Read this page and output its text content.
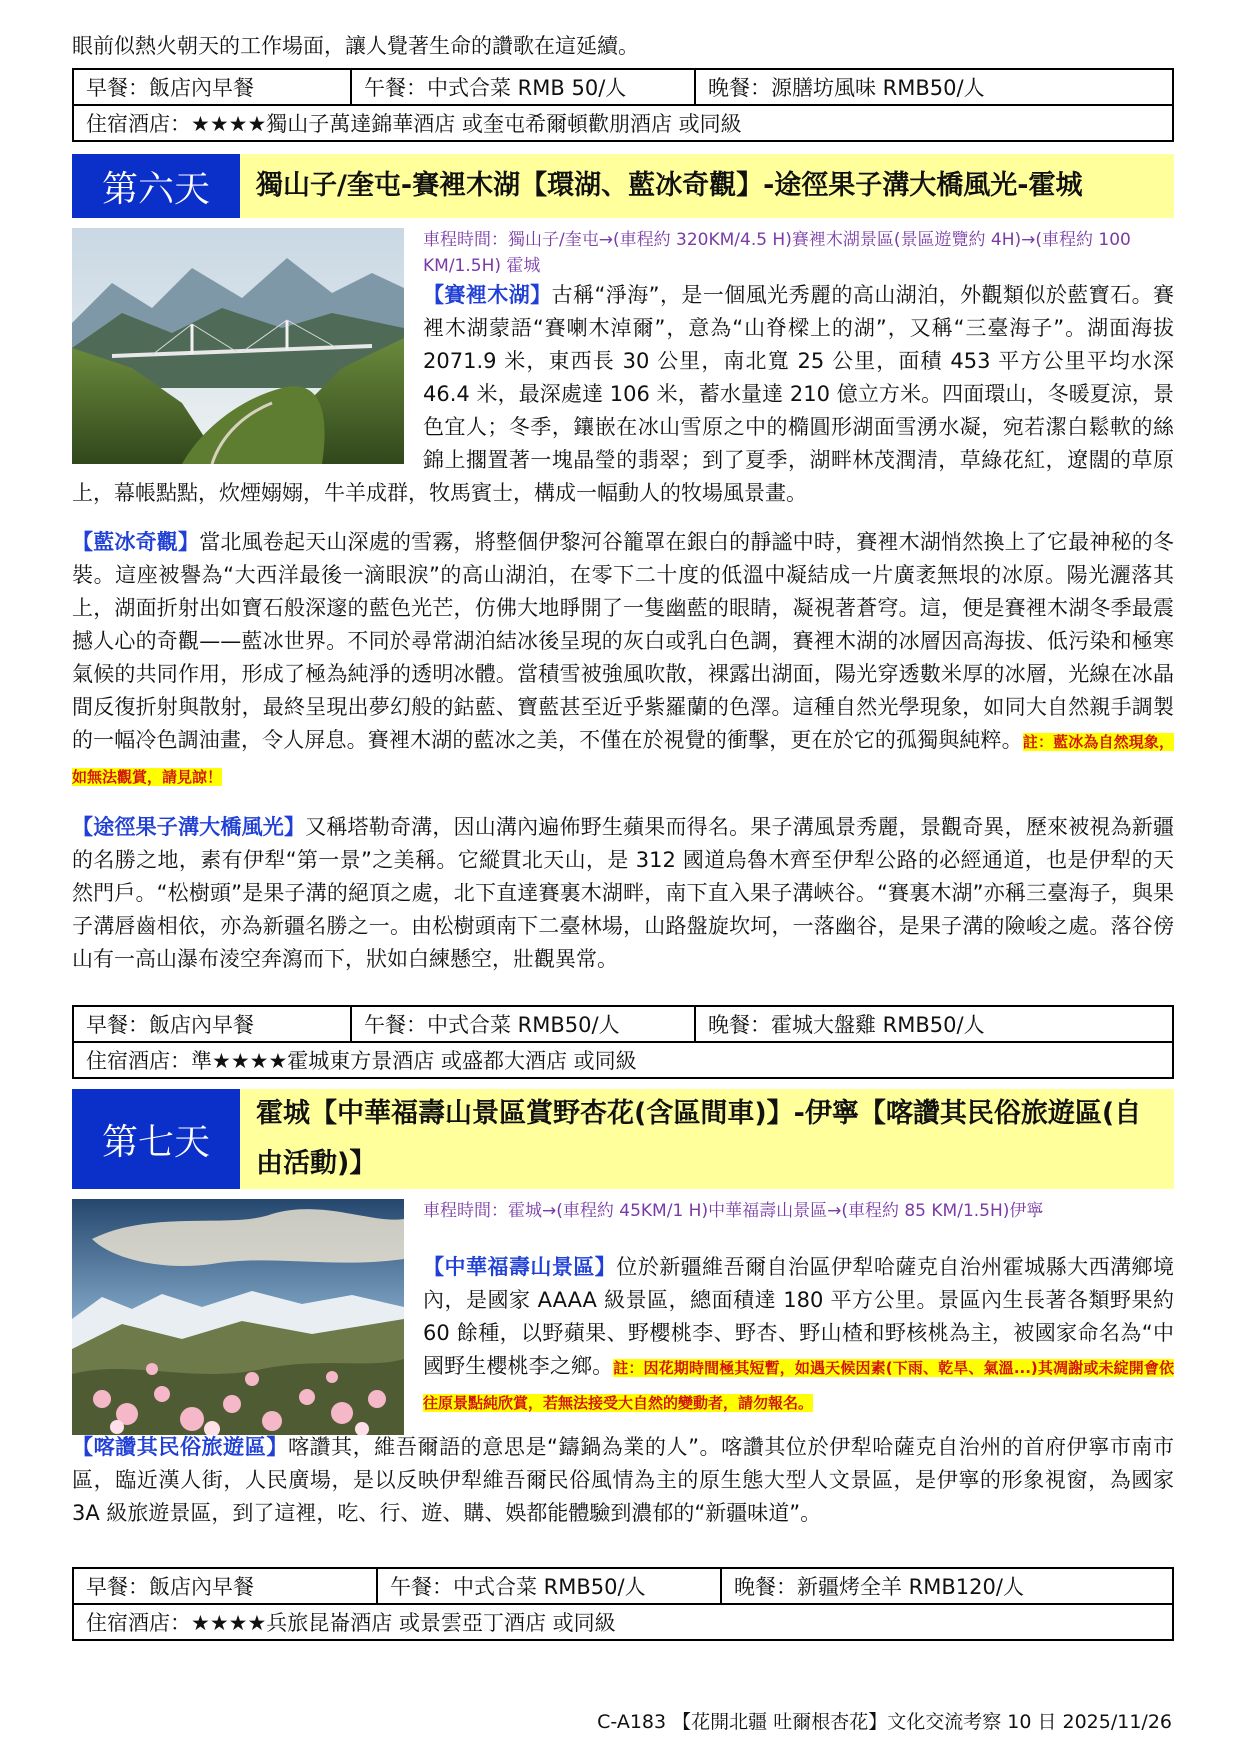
眼前似熱火朝天的工作場面，讓人覺著生命的讚歌在這延續。
早餐：飯店內早餐	午餐：中式合菜 RMB 50/人	晚餐：源膳坊風味 RMB50/人
住宿酒店：★★★★獨山子萬達錦華酒店 或奎屯希爾頓歡朋酒店 或同級
第六天	獨山子/奎屯-賽裡木湖【環湖、藍冰奇觀】-途徑果子溝大橋風光-霍城
車程時間：獨山子/奎屯→(車程約 320KM/4.5 H)賽裡木湖景區(景區遊覽約 4H)→(車程約 100 KM/1.5H) 霍城
【賽裡木湖】古稱“淨海”，是一個風光秀麗的高山湖泊，外觀類似於藍寶石。賽裡木湖蒙語“賽喇木淖爾”，意為“山脊樑上的湖”，又稱“三臺海子”。湖面海拔 2071.9 米，東西長 30 公里，南北寬 25 公里，面積 453 平方公里平均水深 46.4 米，最深處達 106 米，蓄水量達 210 億立方米。四面環山，冬暖夏涼，景色宜人；冬季，鑲嵌在冰山雪原之中的橢圓形湖面雪湧水凝，宛若潔白鬆軟的絲錦上擱置著一塊晶瑩的翡翠；到了夏季，湖畔林茂潤清，草綠花紅，遼闊的草原上，幕帳點點，炊煙嫋嫋，牛羊成群，牧馬賓士，構成一幅動人的牧場風景畫。
【藍冰奇觀】當北風卷起天山深處的雪霧，將整個伊黎河谷籠罩在銀白的靜謐中時，賽裡木湖悄然換上了它最神秘的冬裝。這座被譽為“大西洋最後一滴眼淚”的高山湖泊，在零下二十度的低溫中凝結成一片廣袤無垠的冰原。陽光灑落其上，湖面折射出如寶石般深邃的藍色光芒，仿佛大地睜開了一隻幽藍的眼睛，凝視著蒼穹。這，便是賽裡木湖冬季最震撼人心的奇觀——藍冰世界。不同於尋常湖泊結冰後呈現的灰白或乳白色調，賽裡木湖的冰層因高海拔、低污染和極寒氣候的共同作用，形成了極為純淨的透明冰體。當積雪被強風吹散，裸露出湖面，陽光穿透數米厚的冰層，光線在冰晶間反復折射與散射，最終呈現出夢幻般的鈷藍、寶藍甚至近乎紫羅蘭的色澤。這種自然光學現象，如同大自然親手調製的一幅冷色調油畫，令人屏息。賽裡木湖的藍冰之美，不僅在於視覺的衝擊，更在於它的孤獨與純粹。註：藍冰為自然現象，如無法觀賞，請見諒！
【途徑果子溝大橋風光】又稱塔勒奇溝，因山溝內遍佈野生蘋果而得名。果子溝風景秀麗，景觀奇異，歷來被視為新疆的名勝之地，素有伊犁“第一景”之美稱。它縱貫北天山，是 312 國道烏魯木齊至伊犁公路的必經通道，也是伊犁的天然門戶。“松樹頭”是果子溝的絕頂之處，北下直達賽裏木湖畔，南下直入果子溝峽谷。“賽裏木湖”亦稱三臺海子，與果子溝唇齒相依，亦為新疆名勝之一。由松樹頭南下二臺林場，山路盤旋坎坷，一落幽谷，是果子溝的險峻之處。落谷傍山有一高山瀑布淩空奔瀉而下，狀如白練懸空，壯觀異常。
早餐：飯店內早餐	午餐：中式合菜 RMB50/人	晚餐：霍城大盤雞 RMB50/人
住宿酒店：準★★★★霍城東方景酒店 或盛都大酒店 或同級
第七天
霍城【中華福壽山景區賞野杏花(含區間車)】-伊寧【喀讚其民俗旅遊區(自由活動)】
車程時間：霍城→(車程約 45KM/1 H)中華福壽山景區→(車程約 85 KM/1.5H)伊寧
【中華福壽山景區】位於新疆維吾爾自治區伊犁哈薩克自治州霍城縣大西溝鄉境內，是國家 AAAA 級景區，總面積達 180 平方公里。景區內生長著各類野果約 60 餘種，以野蘋果、野櫻桃李、野杏、野山楂和野核桃為主，被國家命名為“中國野生櫻桃李之鄉。註：因花期時間極其短暫，如遇天候因素(下雨、乾旱、氣溫...)其凋謝或未綻開會依往原景點純欣賞，若無法接受大自然的變動者，請勿報名。
【喀讚其民俗旅遊區】喀讚其，維吾爾語的意思是“鑄鍋為業的人”。喀讚其位於伊犁哈薩克自治州的首府伊寧市南市區，臨近漢人街，人民廣場，是以反映伊犁維吾爾民俗風情為主的原生態大型人文景區，是伊寧的形象視窗，為國家 3A 級旅遊景區，到了這裡，吃、行、遊、購、娛都能體驗到濃郁的“新疆味道”。
早餐：飯店內早餐	午餐：中式合菜 RMB50/人	晚餐：新疆烤全羊 RMB120/人
住宿酒店：★★★★兵旅昆崙酒店 或景雲亞丁酒店 或同級
C-A183 【花開北疆 吐爾根杏花】文化交流考察 10 日 2025/11/26
